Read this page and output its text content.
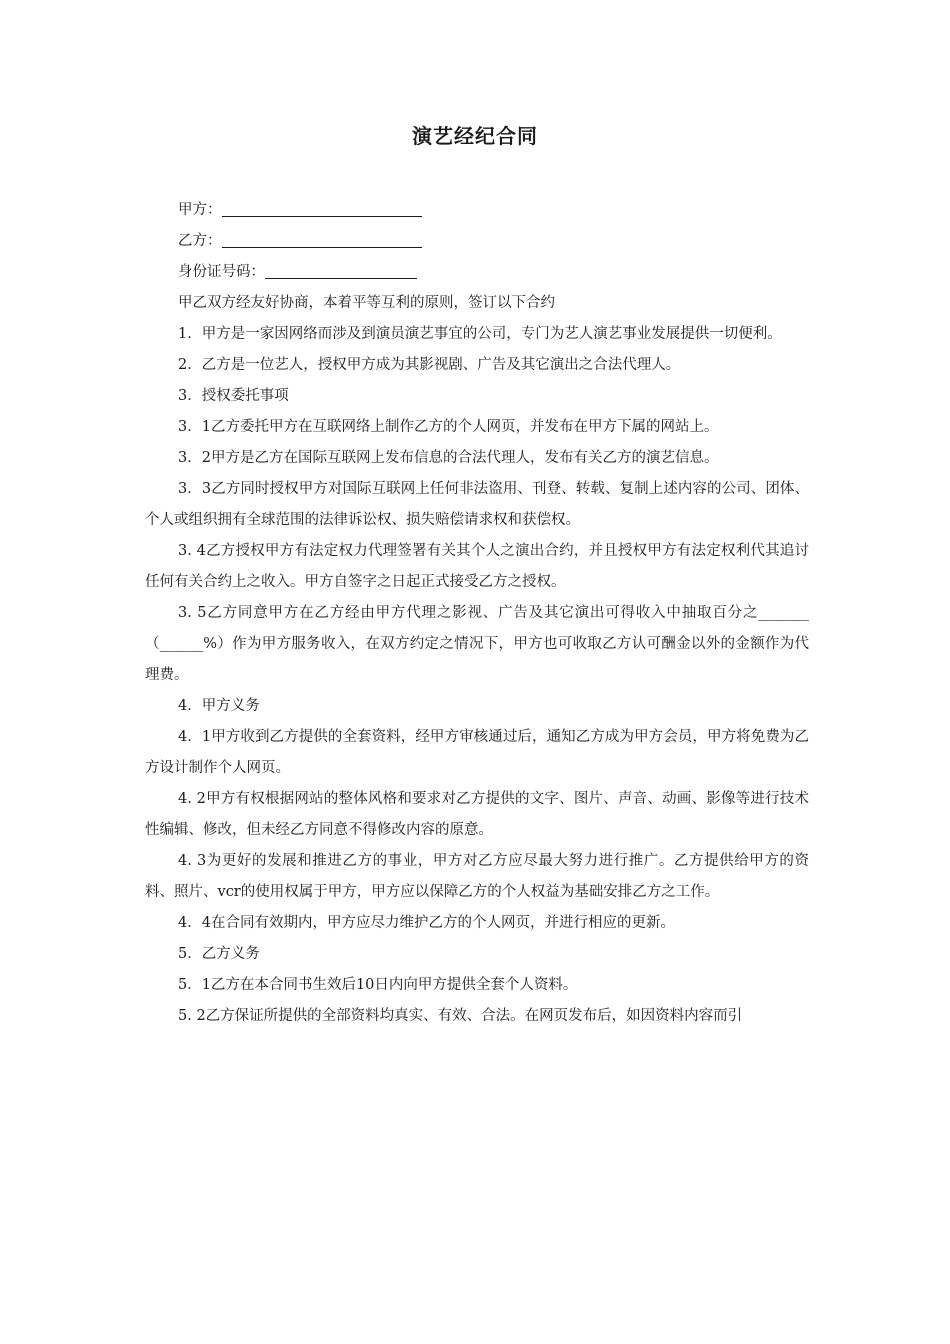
演艺经纪合同
甲方：
乙方：
身份证号码：

甲乙双方经友好协商，本着平等互利的原则，签订以下合约

1．甲方是一家因网络而涉及到演员演艺事宜的公司，专门为艺人演艺事业发展提供一切便利。

2．乙方是一位艺人，授权甲方成为其影视剧、广告及其它演出之合法代理人。

3．授权委托事项

3．1乙方委托甲方在互联网络上制作乙方的个人网页，并发布在甲方下属的网站上。

3．2甲方是乙方在国际互联网上发布信息的合法代理人，发布有关乙方的演艺信息。

3．3乙方同时授权甲方对国际互联网上任何非法盗用、刊登、转载、复制上述内容的公司、团体、个人或组织拥有全球范围的法律诉讼权、损失赔偿请求权和获偿权。

3. 4乙方授权甲方有法定权力代理签署有关其个人之演出合约，并且授权甲方有法定权利代其追讨任何有关合约上之收入。甲方自签字之日起正式接受乙方之授权。

3. 5乙方同意甲方在乙方经由甲方代理之影视、广告及其它演出可得收入中抽取百分之_______（______%）作为甲方服务收入，在双方约定之情况下，甲方也可收取乙方认可酬金以外的金额作为代理费。

4．甲方义务

4．1甲方收到乙方提供的全套资料，经甲方审核通过后，通知乙方成为甲方会员，甲方将免费为乙方设计制作个人网页。

4. 2甲方有权根据网站的整体风格和要求对乙方提供的文字、图片、声音、动画、影像等进行技术性编辑、修改，但未经乙方同意不得修改内容的原意。

4. 3为更好的发展和推进乙方的事业，甲方对乙方应尽最大努力进行推广。乙方提供给甲方的资料、照片、vcr的使用权属于甲方，甲方应以保障乙方的个人权益为基础安排乙方之工作。

4．4在合同有效期内，甲方应尽力维护乙方的个人网页，并进行相应的更新。

5．乙方义务

5．1乙方在本合同书生效后10日内向甲方提供全套个人资料。

5. 2乙方保证所提供的全部资料均真实、有效、合法。在网页发布后，如因资料内容而引
